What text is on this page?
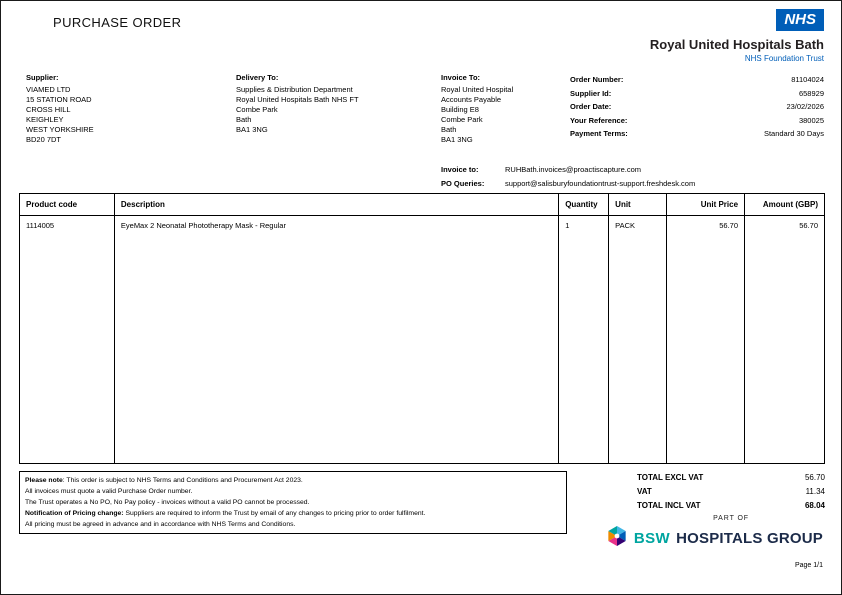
PURCHASE ORDER	NHS
Royal United Hospitals Bath
NHS Foundation Trust
Supplier:
VIAMED LTD
15 STATION ROAD
CROSS HILL
KEIGHLEY
WEST YORKSHIRE
BD20 7DT
Delivery To:
Supplies & Distribution Department
Royal United Hospitals Bath NHS FT
Combe Park
Bath
BA1 3NG
Invoice To:
Royal United Hospital
Accounts Payable
Building E8
Combe Park
Bath
BA1 3NG
Order Number:	81104024
Supplier Id:	658929
Order Date:	23/02/2026
Your Reference:	380025
Payment Terms:	Standard 30 Days
Invoice to:	RUHBath.invoices@proactiscapture.com
PO Queries:	support@salisburyfoundationtrust-support.freshdesk.com
Product code	Description	Quantity	Unit	Unit Price	Amount (GBP)
1114005	EyeMax 2 Neonatal Phototherapy Mask - Regular	1	PACK	56.70	56.70
Please note: This order is subject to NHS Terms and Conditions and Procurement Act 2023.
All invoices must quote a valid Purchase Order number.
The Trust operates a No PO, No Pay policy - invoices without a valid PO cannot be processed.
Notification of Pricing change: Suppliers are required to inform the Trust by email of any changes to pricing prior to order fulfilment.
All pricing must be agreed in advance and in accordance with NHS Terms and Conditions.
TOTAL EXCL VAT	56.70
VAT	11.34
TOTAL INCL VAT	68.04
PART OF
BSW HOSPITALS GROUP
Page 1/1
